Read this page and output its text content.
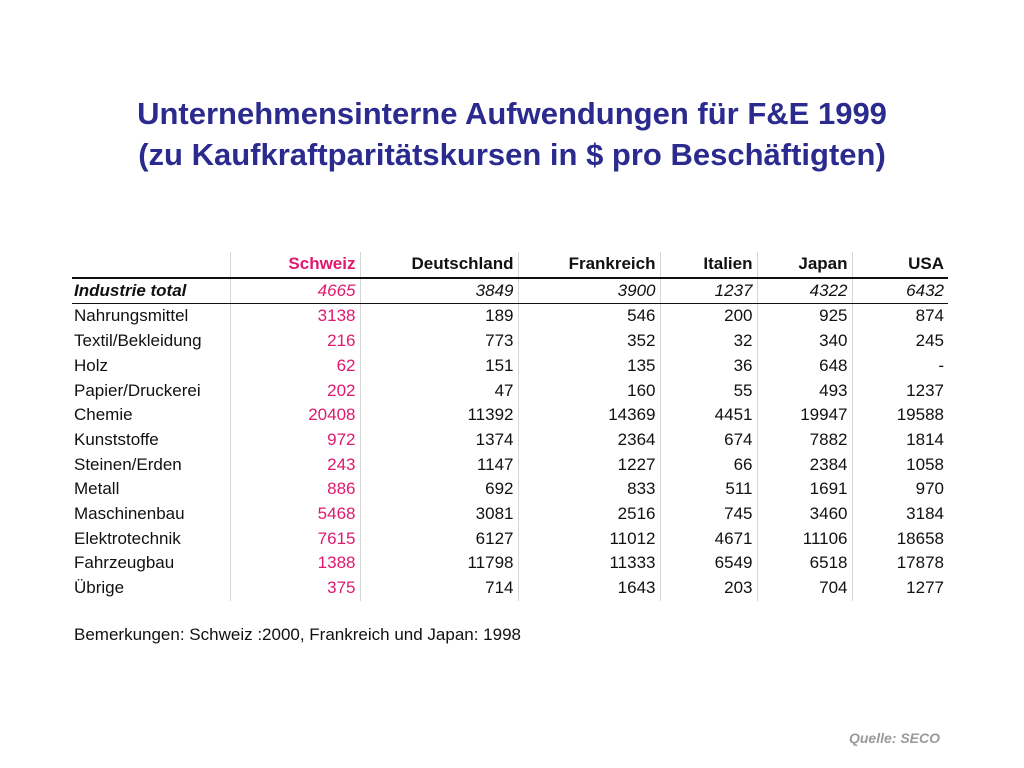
Unternehmensinterne Aufwendungen für F&E 1999
(zu Kaufkraftparitätskursen in $ pro Beschäftigten)
	Schweiz	Deutschland	Frankreich	Italien	Japan	USA
Industrie total	4665	3849	3900	1237	4322	6432
Nahrungsmittel	3138	189	546	200	925	874
Textil/Bekleidung	216	773	352	32	340	245
Holz	62	151	135	36	648	-
Papier/Druckerei	202	47	160	55	493	1237
Chemie	20408	11392	14369	4451	19947	19588
Kunststoffe	972	1374	2364	674	7882	1814
Steinen/Erden	243	1147	1227	66	2384	1058
Metall	886	692	833	511	1691	970
Maschinenbau	5468	3081	2516	745	3460	3184
Elektrotechnik	7615	6127	11012	4671	11106	18658
Fahrzeugbau	1388	11798	11333	6549	6518	17878
Übrige	375	714	1643	203	704	1277
Bemerkungen: Schweiz :2000, Frankreich und Japan: 1998
Quelle: SECO
